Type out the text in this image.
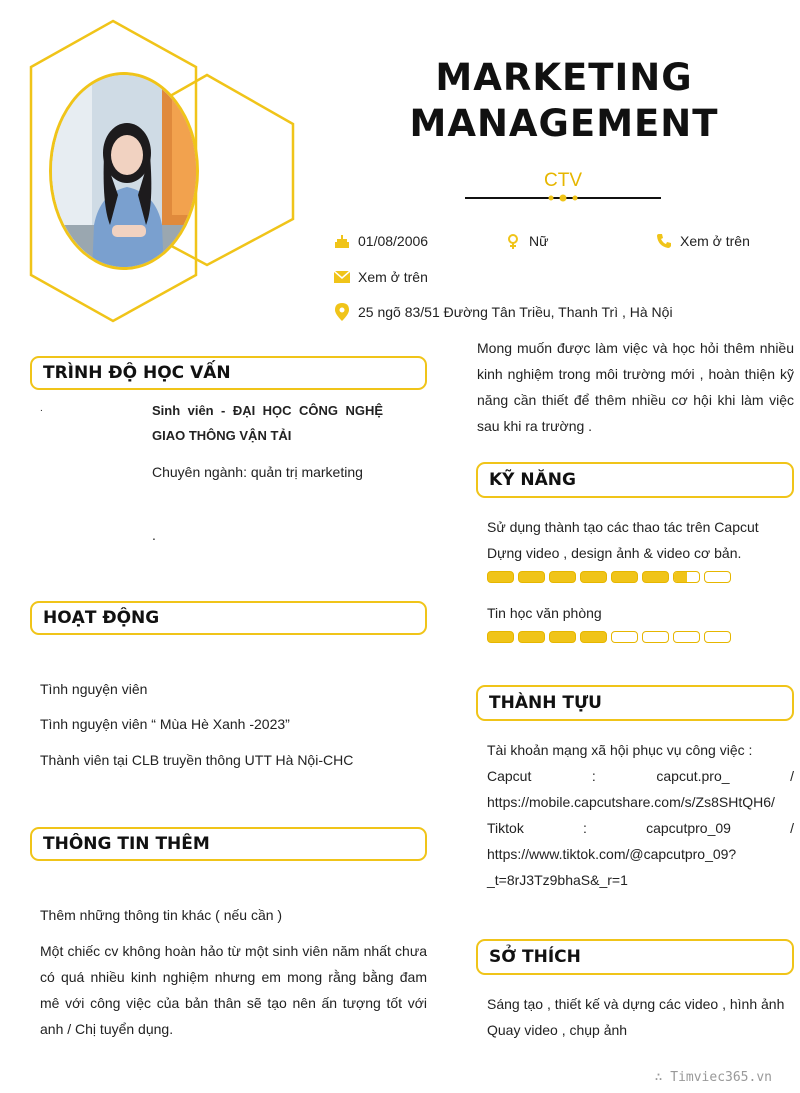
MARKETING
MANAGEMENT
CTV
01/08/2006	Nữ	Xem ở trên
Xem ở trên
25 ngõ 83/51 Đường Tân Triều, Thanh Trì , Hà Nội
TRÌNH ĐỘ HỌC VẤN
.	Sinh viên - ĐẠI HỌC CÔNG NGHỆ
GIAO THÔNG VẬN TẢI
Chuyên ngành: quản trị marketing
.
HOẠT ĐỘNG
Tình nguyện viên
Tình nguyện viên “ Mùa Hè Xanh -2023”
Thành viên tại CLB truyền thông UTT Hà Nội-CHC
THÔNG TIN THÊM
Thêm những thông tin khác ( nếu cần )
Một chiếc cv không hoàn hảo từ một sinh viên năm nhất chưa có quá nhiều kinh nghiệm nhưng em mong rằng bằng đam mê với công việc của bản thân sẽ tạo nên ấn tượng tốt với anh / Chị tuyển dụng.
Mong muốn được làm việc và học hỏi thêm nhiều kinh nghiệm trong môi trường mới , hoàn thiện kỹ năng cần thiết để thêm nhiều cơ hội khi làm việc sau khi ra trường .
KỸ NĂNG
Sử dụng thành tạo các thao tác trên Capcut Dựng video , design ảnh & video cơ bản.
Tin học văn phòng
THÀNH TỰU
Tài khoản mạng xã hội phục vụ công việc :
Capcut : capcut.pro_ / https://mobile.capcutshare.com/s/Zs8SHtQH6/
Tiktok : capcutpro_09 / https://www.tiktok.com/@capcutpro_09?_t=8rJ3Tz9bhaS&_r=1
SỞ THÍCH
Sáng tạo , thiết kế và dựng các video , hình ảnh
Quay video , chụp ảnh
∴ Timviec365.vn
